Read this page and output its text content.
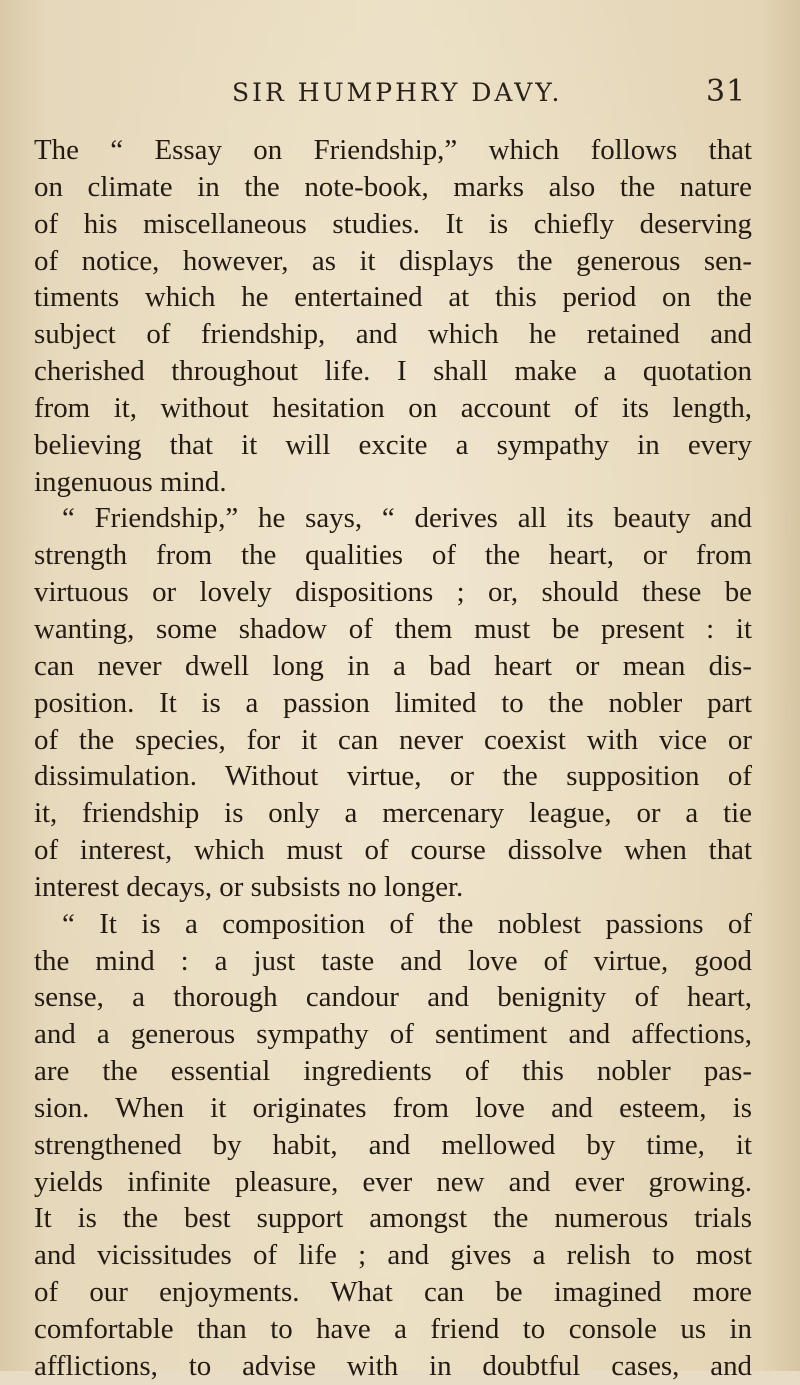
SIR HUMPHRY DAVY.	31
The “ Essay on Friendship,” which follows that
on climate in the note-book, marks also the nature
of his miscellaneous studies. It is chiefly deserving
of notice, however, as it displays the generous sen-
timents which he entertained at this period on the
subject of friendship, and which he retained and
cherished throughout life. I shall make a quotation
from it, without hesitation on account of its length,
believing that it will excite a sympathy in every
ingenuous mind.
“ Friendship,” he says, “ derives all its beauty and
strength from the qualities of the heart, or from
virtuous or lovely dispositions ; or, should these be
wanting, some shadow of them must be present : it
can never dwell long in a bad heart or mean dis-
position. It is a passion limited to the nobler part
of the species, for it can never coexist with vice or
dissimulation. Without virtue, or the supposition of
it, friendship is only a mercenary league, or a tie
of interest, which must of course dissolve when that
interest decays, or subsists no longer.
“ It is a composition of the noblest passions of
the mind : a just taste and love of virtue, good
sense, a thorough candour and benignity of heart,
and a generous sympathy of sentiment and affections,
are the essential ingredients of this nobler pas-
sion. When it originates from love and esteem, is
strengthened by habit, and mellowed by time, it
yields infinite pleasure, ever new and ever growing.
It is the best support amongst the numerous trials
and vicissitudes of life ; and gives a relish to most
of our enjoyments. What can be imagined more
comfortable than to have a friend to console us in
afflictions, to advise with in doubtful cases, and
